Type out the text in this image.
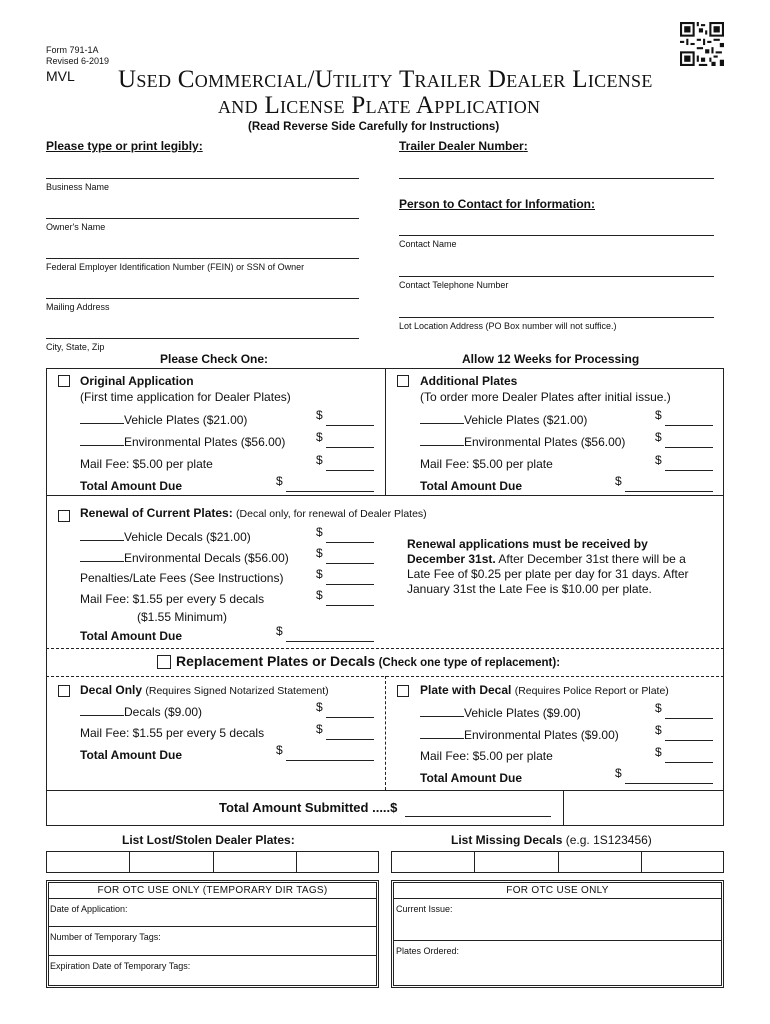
Form 791-1A
Revised 6-2019
MVL Used Commercial/Utility Trailer Dealer License
and License Plate Application
(Read Reverse Side Carefully for Instructions)
Please type or print legibly:
Business Name
Owner's Name
Federal Employer Identification Number (FEIN) or SSN of Owner
Mailing Address
City, State, Zip
Trailer Dealer Number:
Person to Contact for Information:
Contact Name
Contact Telephone Number
Lot Location Address (PO Box number will not suffice.)
Please Check One:	Allow 12 Weeks for Processing
Original Application
(First time application for Dealer Plates)
Vehicle Plates ($21.00)	$
Environmental Plates ($56.00)	$
Mail Fee: $5.00 per plate	$
Total Amount Due	$
Additional Plates
(To order more Dealer Plates after initial issue.)
Vehicle Plates ($21.00)	$
Environmental Plates ($56.00) $
Mail Fee: $5.00 per plate	$
Total Amount Due	$
Renewal of Current Plates: (Decal only, for renewal of Dealer Plates)
Vehicle Decals ($21.00)	$
Environmental Decals ($56.00) $
Penalties/Late Fees (See Instructions)	$
Mail Fee: $1.55 per every 5 decals	$
($1.55 Minimum)
Total Amount Due	$
Renewal applications must be received by December 31st. After December 31st there will be a Late Fee of $0.25 per plate per day for 31 days. After January 31st the Late Fee is $10.00 per plate.
Replacement Plates or Decals (Check one type of replacement):
Decal Only (Requires Signed Notarized Statement)
Decals ($9.00)	$
Mail Fee: $1.55 per every 5 decals	$
Total Amount Due	$
Plate with Decal (Requires Police Report or Plate)
Vehicle Plates ($9.00)	$
Environmental Plates ($9.00)	$
Mail Fee: $5.00 per plate	$
Total Amount Due	$
Total Amount Submitted .....$
List Lost/Stolen Dealer Plates:	List Missing Decals (e.g. 1S123456)
FOR OTC USE ONLY (TEMPORARY DIR TAGS)
Date of Application:
Number of Temporary Tags:
Expiration Date of Temporary Tags:
FOR OTC USE ONLY
Current Issue:
Plates Ordered:
